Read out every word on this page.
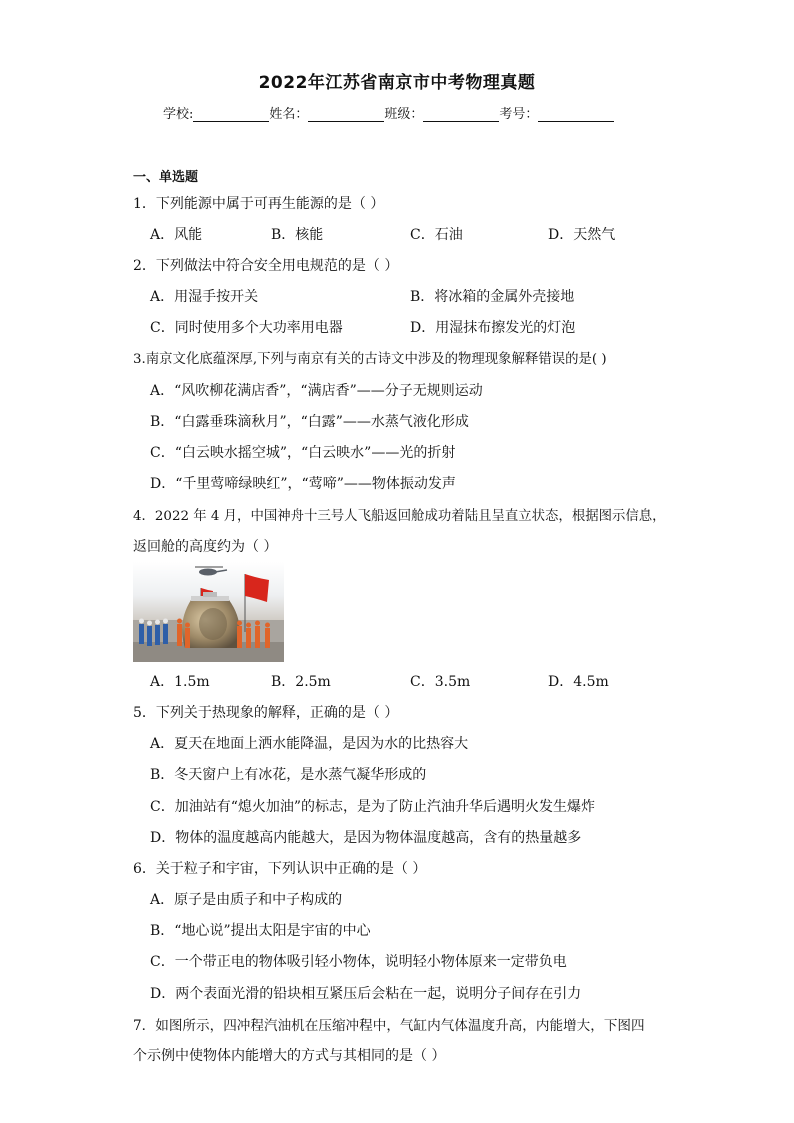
2022年江苏省南京市中考物理真题
学校:	姓名：	班级：	考号：
一、单选题
1．下列能源中属于可再生能源的是（ ）
A．风能	B．核能	C．石油	D．天然气
2．下列做法中符合安全用电规范的是（ ）
A．用湿手按开关	B．将冰箱的金属外壳接地
C．同时使用多个大功率用电器	D．用湿抹布擦发光的灯泡
3.南京文化底蕴深厚,下列与南京有关的古诗文中涉及的物理现象解释错误的是( )
A．“风吹柳花满店香”，“满店香”——分子无规则运动
B．“白露垂珠滴秋月”，“白露”——水蒸气液化形成
C．“白云映水摇空城”，“白云映水”——光的折射
D．“千里莺啼绿映红”，“莺啼”——物体振动发声
4．2022 年 4 月，中国神舟十三号人飞船返回舱成功着陆且呈直立状态，根据图示信息，
返回舱的高度约为（ ）
A．1.5m	B．2.5m	C．3.5m	D．4.5m
5．下列关于热现象的解释，正确的是（ ）
A．夏天在地面上洒水能降温，是因为水的比热容大
B．冬天窗户上有冰花，是水蒸气凝华形成的
C．加油站有“熄火加油”的标志，是为了防止汽油升华后遇明火发生爆炸
D．物体的温度越高内能越大，是因为物体温度越高，含有的热量越多
6．关于粒子和宇宙，下列认识中正确的是（ ）
A．原子是由质子和中子构成的
B．“地心说”提出太阳是宇宙的中心
C．一个带正电的物体吸引轻小物体，说明轻小物体原来一定带负电
D．两个表面光滑的铅块相互紧压后会粘在一起，说明分子间存在引力
7．如图所示，四冲程汽油机在压缩冲程中，气缸内气体温度升高，内能增大，下图四
个示例中使物体内能增大的方式与其相同的是（ ）
